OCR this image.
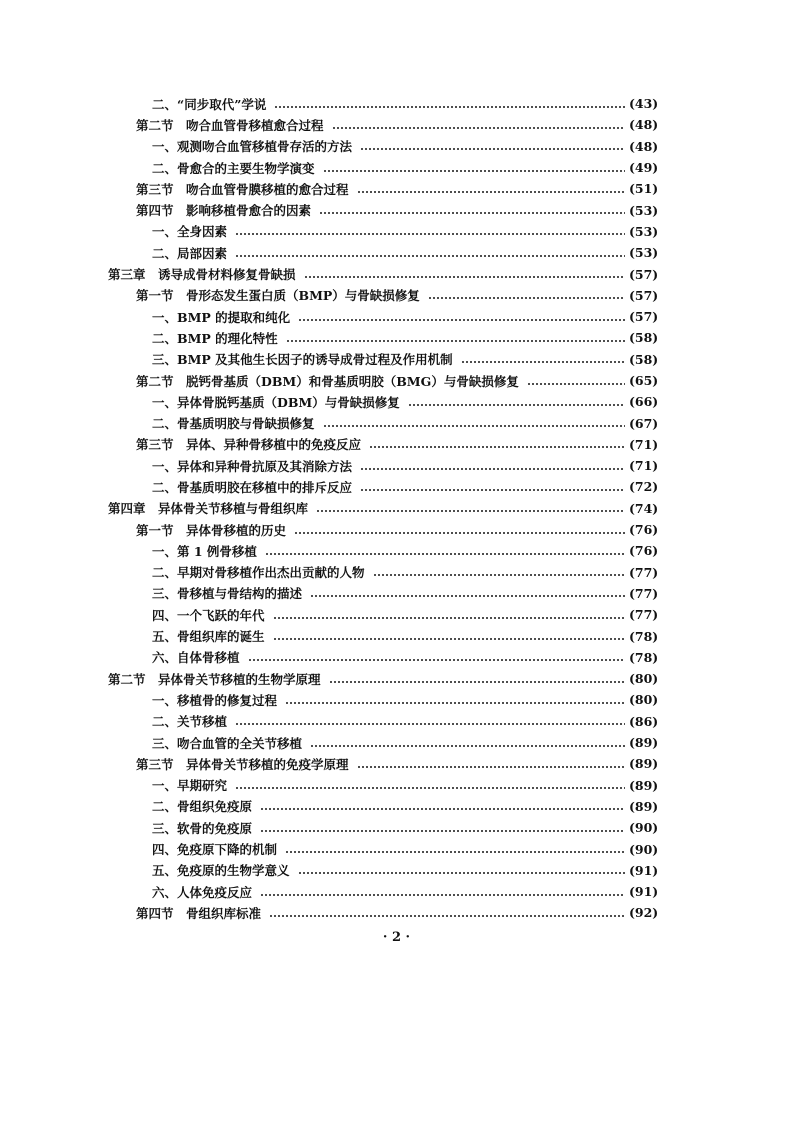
二、“同步取代”学说	(43)
第二节　吻合血管骨移植愈合过程	(48)
一、观测吻合血管移植骨存活的方法	(48)
二、骨愈合的主要生物学演变	(49)
第三节　吻合血管骨膜移植的愈合过程	(51)
第四节　影响移植骨愈合的因素	(53)
一、全身因素	(53)
二、局部因素	(53)
第三章　诱导成骨材料修复骨缺损	(57)
第一节　骨形态发生蛋白质（BMP）与骨缺损修复	(57)
一、BMP 的提取和纯化	(57)
二、BMP 的理化特性	(58)
三、BMP 及其他生长因子的诱导成骨过程及作用机制	(58)
第二节　脱钙骨基质（DBM）和骨基质明胶（BMG）与骨缺损修复	(65)
一、异体骨脱钙基质（DBM）与骨缺损修复	(66)
二、骨基质明胶与骨缺损修复	(67)
第三节　异体、异种骨移植中的免疫反应	(71)
一、异体和异种骨抗原及其消除方法	(71)
二、骨基质明胶在移植中的排斥反应	(72)
第四章　异体骨关节移植与骨组织库	(74)
第一节　异体骨移植的历史	(76)
一、第 1 例骨移植	(76)
二、早期对骨移植作出杰出贡献的人物	(77)
三、骨移植与骨结构的描述	(77)
四、一个飞跃的年代	(77)
五、骨组织库的诞生	(78)
六、自体骨移植	(78)
第二节　异体骨关节移植的生物学原理	(80)
一、移植骨的修复过程	(80)
二、关节移植	(86)
三、吻合血管的全关节移植	(89)
第三节　异体骨关节移植的免疫学原理	(89)
一、早期研究	(89)
二、骨组织免疫原	(89)
三、软骨的免疫原	(90)
四、免疫原下降的机制	(90)
五、免疫原的生物学意义	(91)
六、人体免疫反应	(91)
第四节　骨组织库标准	(92)
· 2 ·
